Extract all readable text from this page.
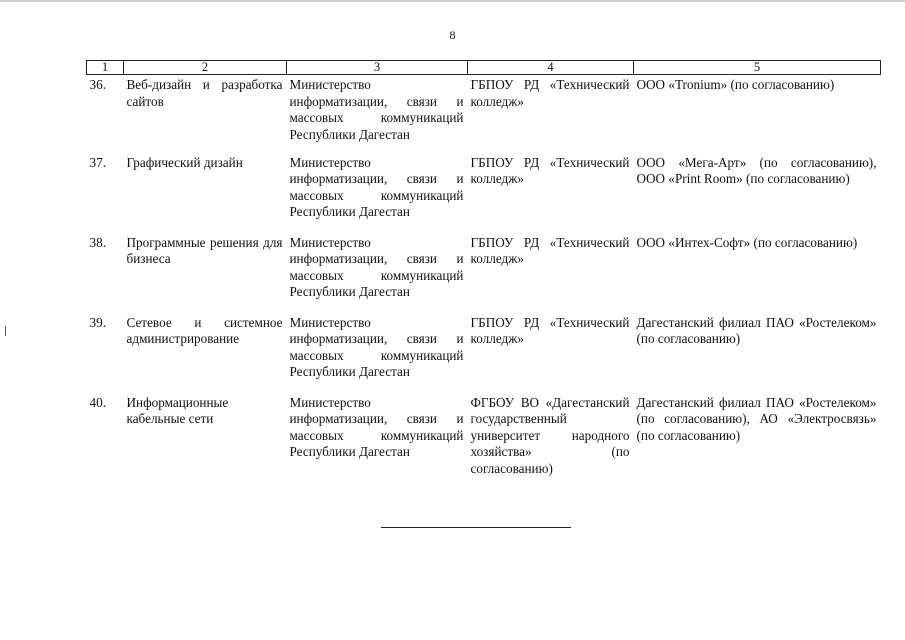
8
1	2	3	4	5
36.	Веб-дизайн и разработка сайтов	Министерство информатизации, связи и массовых коммуникаций Республики Дагестан	ГБПОУ РД «Технический колледж»	ООО «Tronium» (по согласованию)
37.	Графический дизайн	Министерство информатизации, связи и массовых коммуникаций Республики Дагестан	ГБПОУ РД «Технический колледж»	ООО «Мега-Арт» (по согласованию), ООО «Print Room» (по согласованию)
38.	Программные решения для бизнеса	Министерство информатизации, связи и массовых коммуникаций Республики Дагестан	ГБПОУ РД «Технический колледж»	ООО «Интех-Софт» (по согласованию)
39.	Сетевое и системное администрирование	Министерство информатизации, связи и массовых коммуникаций Республики Дагестан	ГБПОУ РД «Технический колледж»	Дагестанский филиал ПАО «Ростелеком» (по согласованию)
40.	Информационные кабельные сети	Министерство информатизации, связи и массовых коммуникаций Республики Дагестан	ФГБОУ ВО «Дагестанский государственный университет народного хозяйства» (по согласованию)	Дагестанский филиал ПАО «Ростелеком» (по согласованию), АО «Электросвязь» (по согласованию)
